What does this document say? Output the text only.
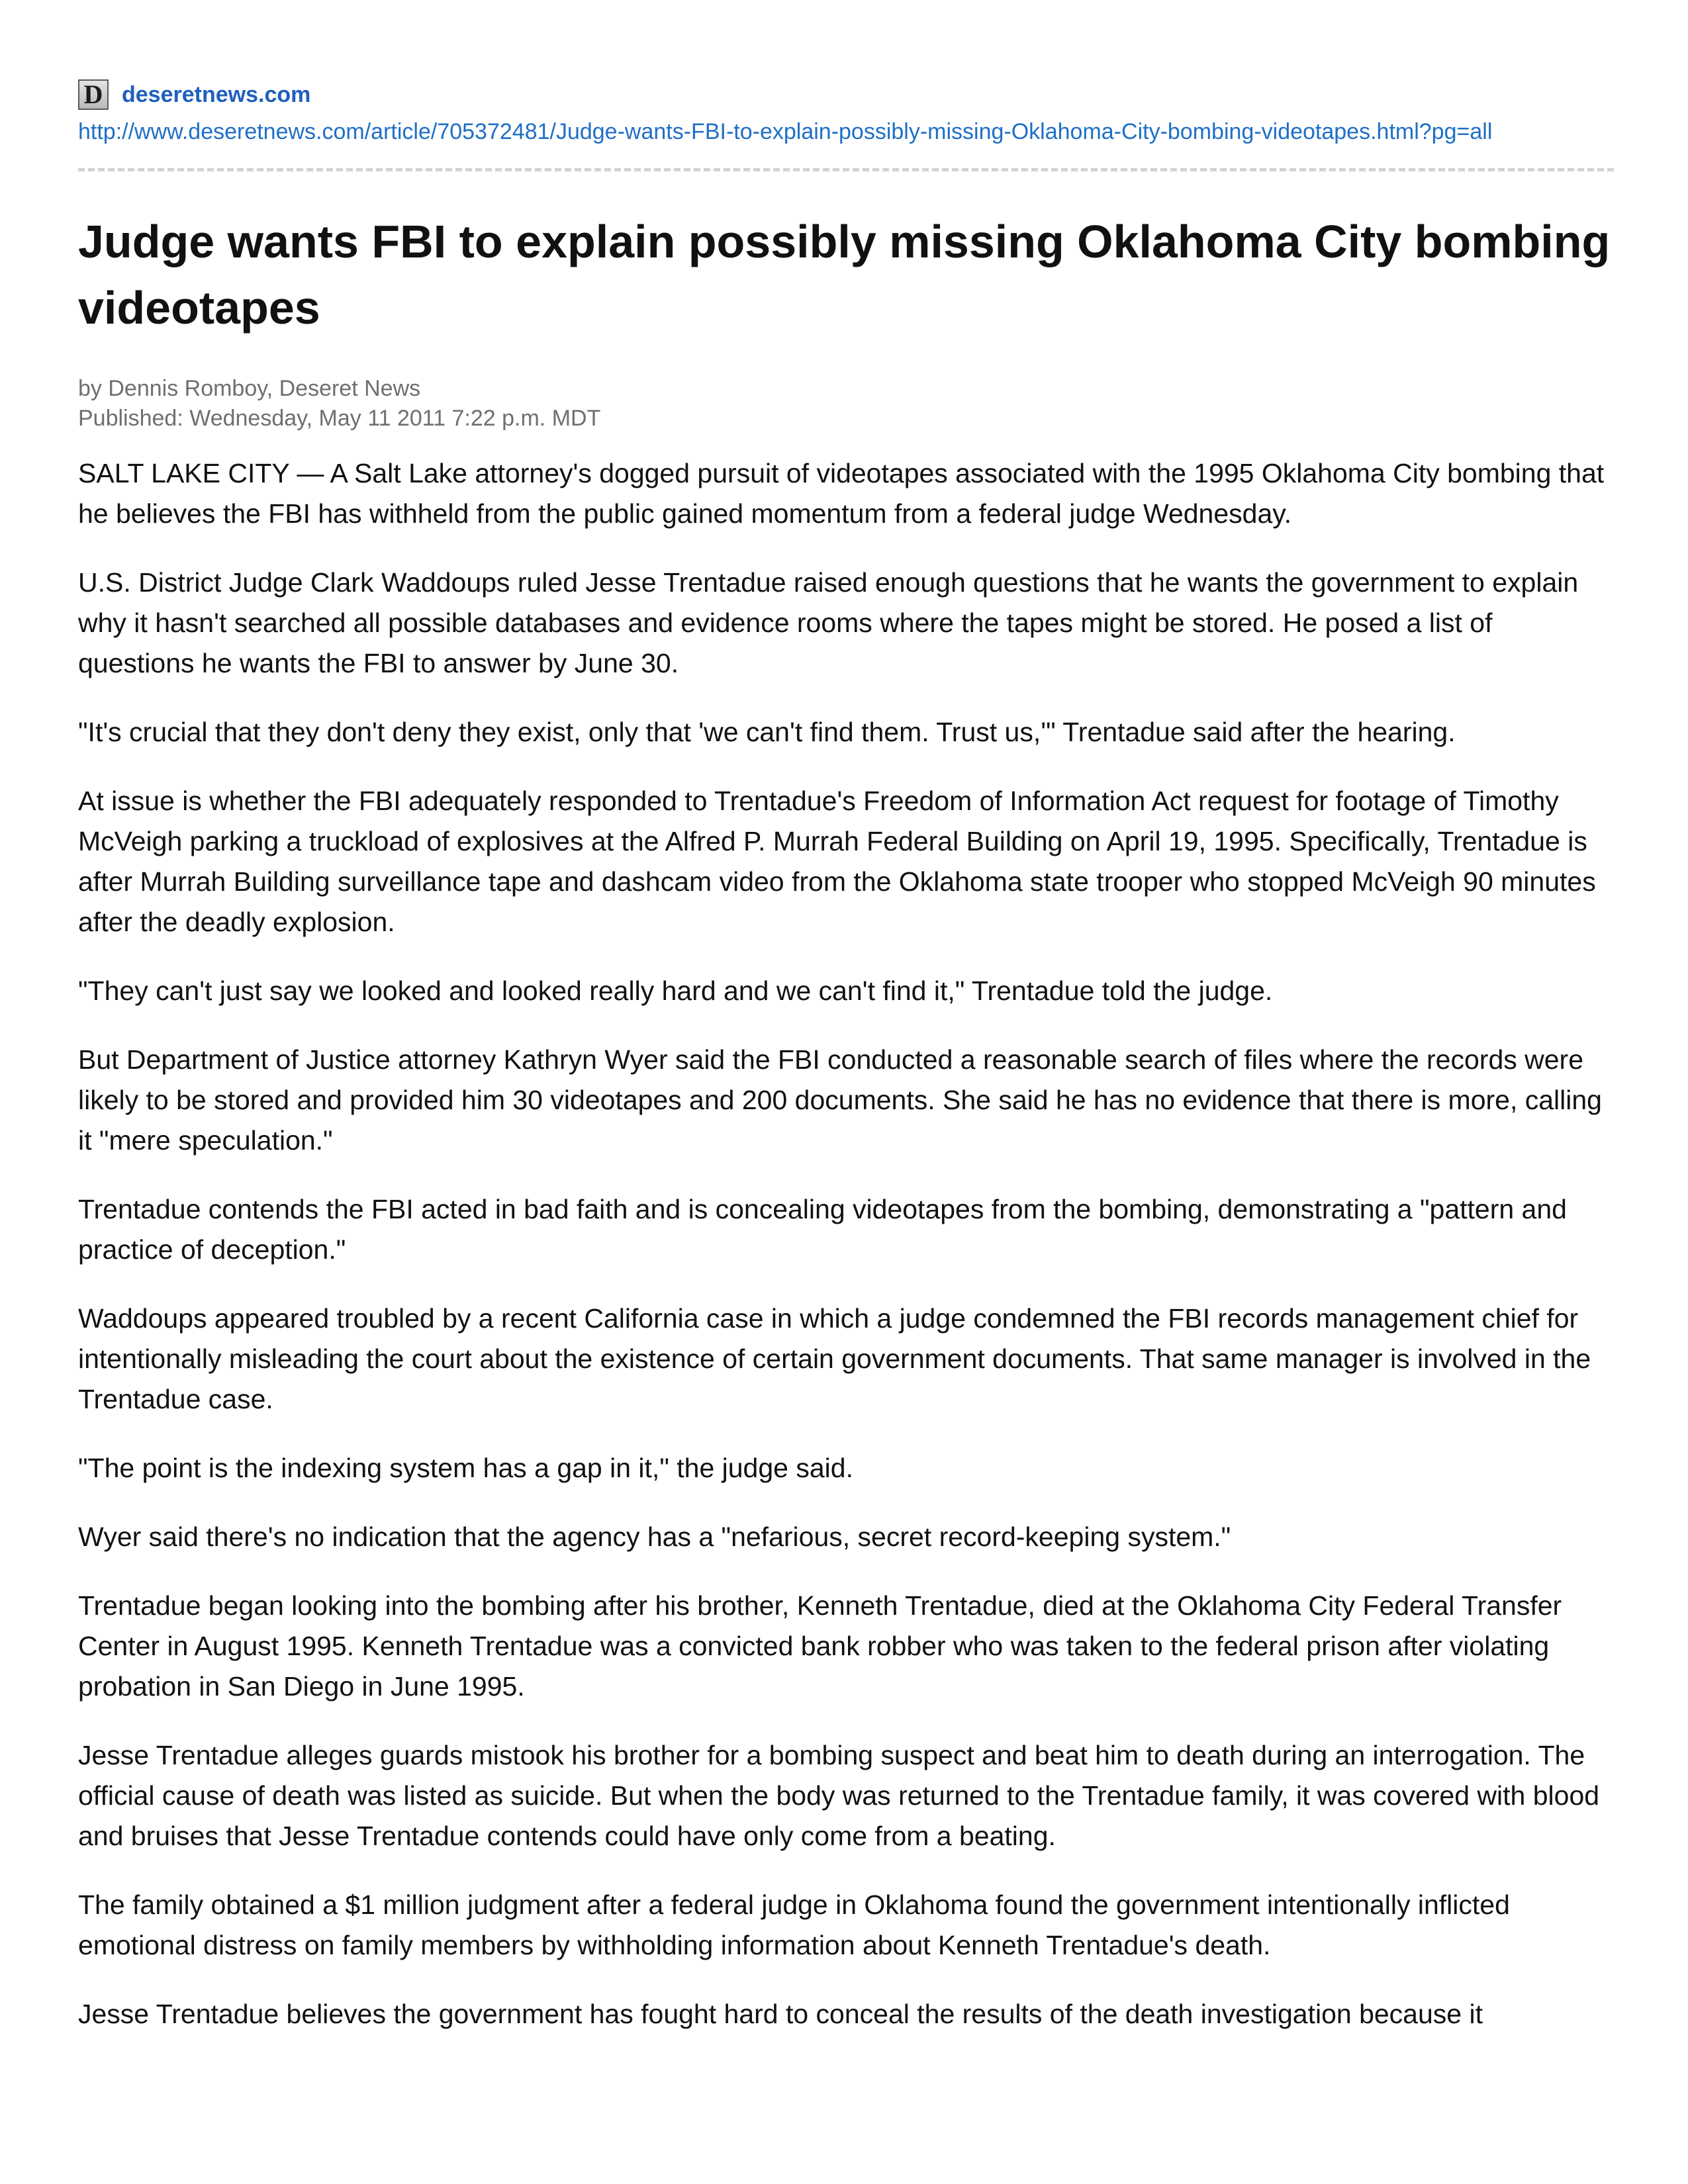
D deseretnews.com
http://www.deseretnews.com/article/705372481/Judge-wants-FBI-to-explain-possibly-missing-Oklahoma-City-bombing-videotapes.html?pg=all
Judge wants FBI to explain possibly missing Oklahoma City bombing videotapes
by Dennis Romboy, Deseret News
Published: Wednesday, May 11 2011 7:22 p.m. MDT

SALT LAKE CITY — A Salt Lake attorney's dogged pursuit of videotapes associated with the 1995 Oklahoma City bombing that he believes the FBI has withheld from the public gained momentum from a federal judge Wednesday.

U.S. District Judge Clark Waddoups ruled Jesse Trentadue raised enough questions that he wants the government to explain why it hasn't searched all possible databases and evidence rooms where the tapes might be stored. He posed a list of questions he wants the FBI to answer by June 30.

"It's crucial that they don't deny they exist, only that 'we can't find them. Trust us,'" Trentadue said after the hearing.

At issue is whether the FBI adequately responded to Trentadue's Freedom of Information Act request for footage of Timothy McVeigh parking a truckload of explosives at the Alfred P. Murrah Federal Building on April 19, 1995. Specifically, Trentadue is after Murrah Building surveillance tape and dashcam video from the Oklahoma state trooper who stopped McVeigh 90 minutes after the deadly explosion.

"They can't just say we looked and looked really hard and we can't find it," Trentadue told the judge.

But Department of Justice attorney Kathryn Wyer said the FBI conducted a reasonable search of files where the records were likely to be stored and provided him 30 videotapes and 200 documents. She said he has no evidence that there is more, calling it "mere speculation."

Trentadue contends the FBI acted in bad faith and is concealing videotapes from the bombing, demonstrating a "pattern and practice of deception."

Waddoups appeared troubled by a recent California case in which a judge condemned the FBI records management chief for intentionally misleading the court about the existence of certain government documents. That same manager is involved in the Trentadue case.

"The point is the indexing system has a gap in it," the judge said.

Wyer said there's no indication that the agency has a "nefarious, secret record-keeping system."

Trentadue began looking into the bombing after his brother, Kenneth Trentadue, died at the Oklahoma City Federal Transfer Center in August 1995. Kenneth Trentadue was a convicted bank robber who was taken to the federal prison after violating probation in San Diego in June 1995.

Jesse Trentadue alleges guards mistook his brother for a bombing suspect and beat him to death during an interrogation. The official cause of death was listed as suicide. But when the body was returned to the Trentadue family, it was covered with blood and bruises that Jesse Trentadue contends could have only come from a beating.

The family obtained a $1 million judgment after a federal judge in Oklahoma found the government intentionally inflicted emotional distress on family members by withholding information about Kenneth Trentadue's death.

Jesse Trentadue believes the government has fought hard to conceal the results of the death investigation because it
